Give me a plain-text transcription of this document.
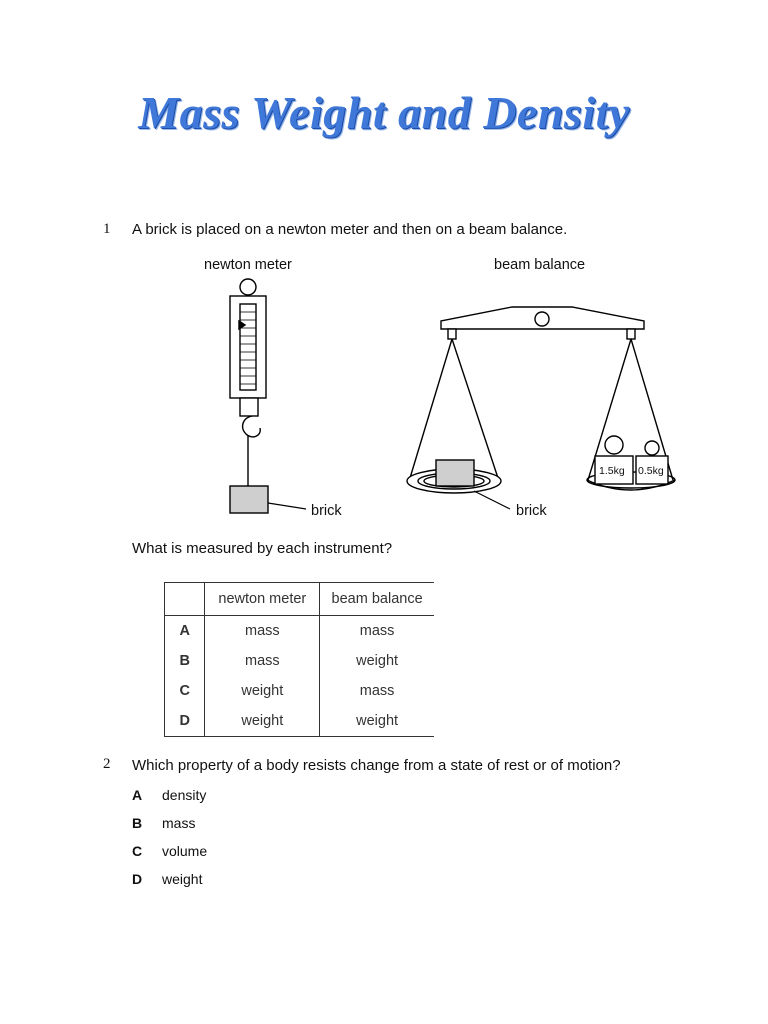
Mass Weight and Density
1 A brick is placed on a newton meter and then on a beam balance.
newton meter	beam balance
1.5kg 0.5kg
brick	brick
What is measured by each instrument?
	newton meter	beam balance
A	mass	mass
B	mass	weight
C	weight	mass
D	weight	weight
2 Which property of a body resists change from a state of rest or of motion?
A density
B mass
C volume
D weight
